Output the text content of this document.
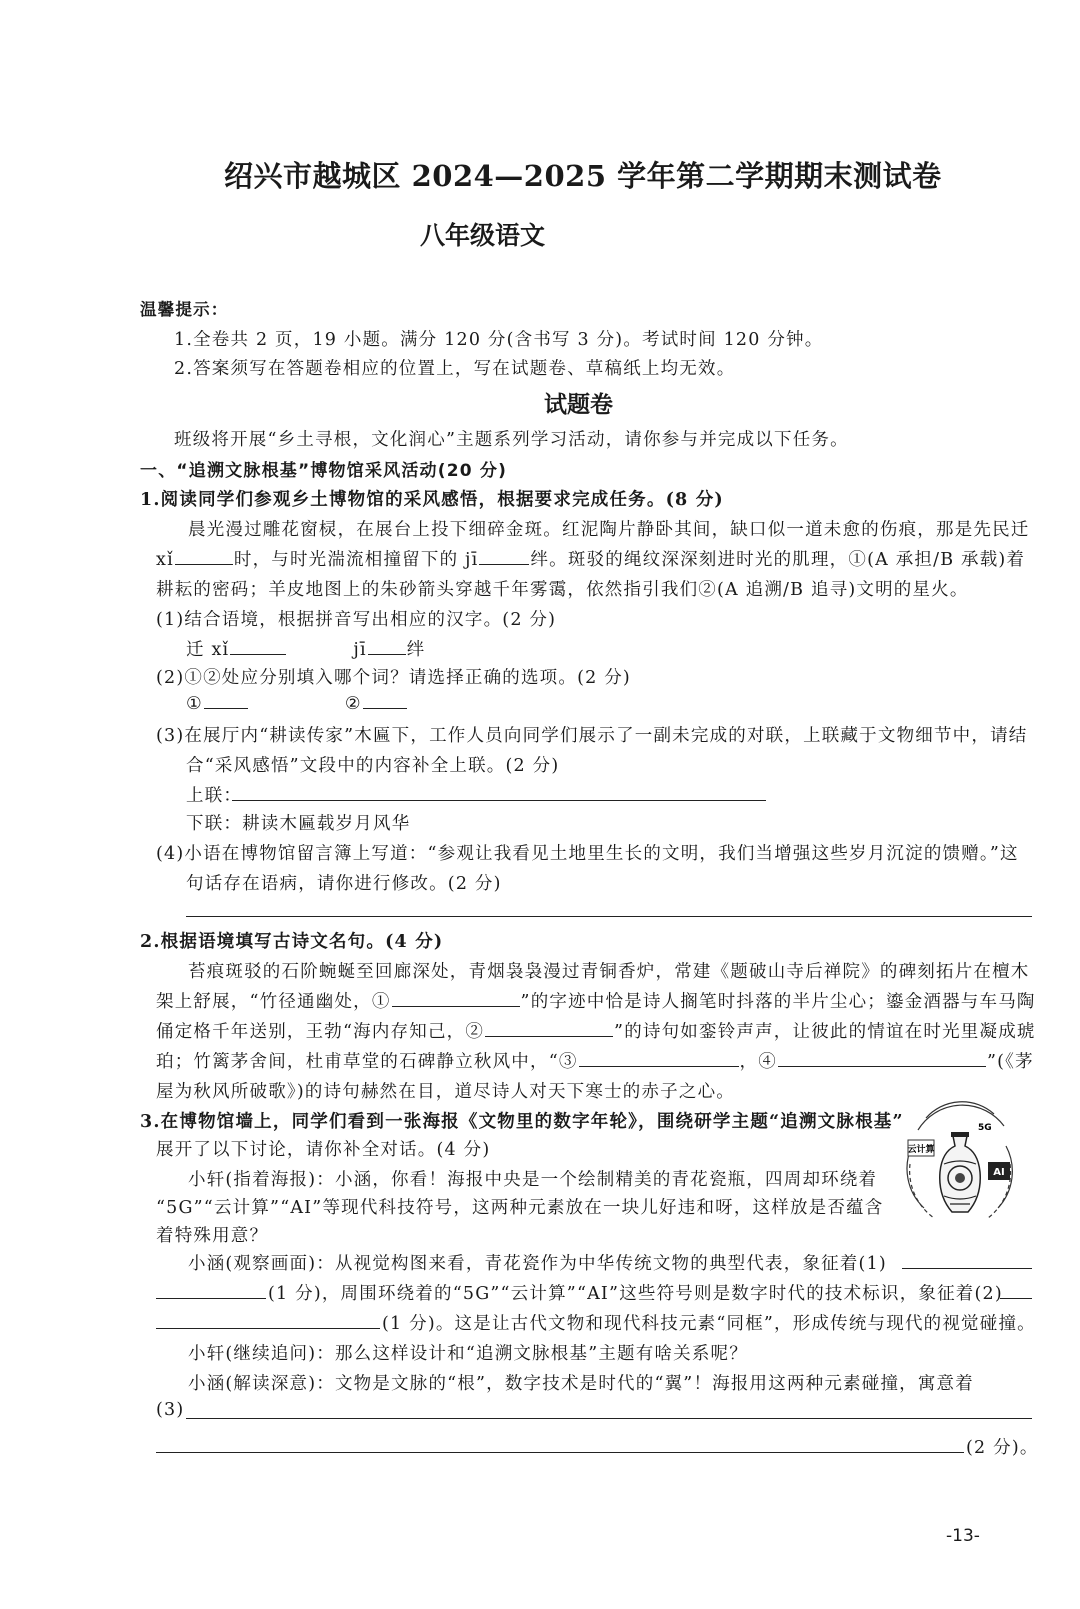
绍兴市越城区 2024—2025 学年第二学期期末测试卷
八年级语文
温馨提示：
1.全卷共 2 页，19 小题。满分 120 分(含书写 3 分)。考试时间 120 分钟。
2.答案须写在答题卷相应的位置上，写在试题卷、草稿纸上均无效。
试题卷
班级将开展“乡土寻根，文化润心”主题系列学习活动，请你参与并完成以下任务。
一、“追溯文脉根基”博物馆采风活动(20 分)
1.阅读同学们参观乡土博物馆的采风感悟，根据要求完成任务。(8 分)
晨光漫过雕花窗棂，在展台上投下细碎金斑。红泥陶片静卧其间，缺口似一道未愈的伤痕，那是先民迁
xǐ	时，与时光湍流相撞留下的 jī	绊。斑驳的绳纹深深刻进时光的肌理，①(A 承担/B 承载)着
耕耘的密码；羊皮地图上的朱砂箭头穿越千年雾霭，依然指引我们②(A 追溯/B 追寻)文明的星火。
(1)结合语境，根据拼音写出相应的汉字。(2 分)
迁 xǐ	jī 绊
(2)①②处应分别填入哪个词？请选择正确的选项。(2 分)
①	②
(3)在展厅内“耕读传家”木匾下，工作人员向同学们展示了一副未完成的对联，上联藏于文物细节中，请结
合“采风感悟”文段中的内容补全上联。(2 分)
上联：
下联：耕读木匾载岁月风华
(4)小语在博物馆留言簿上写道：“参观让我看见土地里生长的文明，我们当增强这些岁月沉淀的馈赠。”这
句话存在语病，请你进行修改。(2 分)
2.根据语境填写古诗文名句。(4 分)
苔痕斑驳的石阶蜿蜒至回廊深处，青烟袅袅漫过青铜香炉，常建《题破山寺后禅院》的碑刻拓片在檀木
架上舒展，“竹径通幽处，①	”的字迹中恰是诗人搁笔时抖落的半片尘心；鎏金酒器与车马陶
俑定格千年送别，王勃“海内存知己，②	”的诗句如銮铃声声，让彼此的情谊在时光里凝成琥
珀；竹篱茅舍间，杜甫草堂的石碑静立秋风中，“③	，④	”(《茅
屋为秋风所破歌》)的诗句赫然在目，道尽诗人对天下寒士的赤子之心。
3.在博物馆墙上，同学们看到一张海报《文物里的数字年轮》，围绕研学主题“追溯文脉根基”
展开了以下讨论，请你补全对话。(4 分)
小轩(指着海报)：小涵，你看！海报中央是一个绘制精美的青花瓷瓶，四周却环绕着
“5G”“云计算”“AI”等现代科技符号，这两种元素放在一块儿好违和呀，这样放是否蕴含
着特殊用意？
云计算
5G
AI
小涵(观察画面)：从视觉构图来看，青花瓷作为中华传统文物的典型代表，象征着(1)
(1 分)，周围环绕着的“5G”“云计算”“AI”这些符号则是数字时代的技术标识，象征着(2)
(1 分)。这是让古代文物和现代科技元素“同框”，形成传统与现代的视觉碰撞。
小轩(继续追问)：那么这样设计和“追溯文脉根基”主题有啥关系呢？
小涵(解读深意)：文物是文脉的“根”，数字技术是时代的“翼”！海报用这两种元素碰撞，寓意着
(3)
(2 分)。
-13-
